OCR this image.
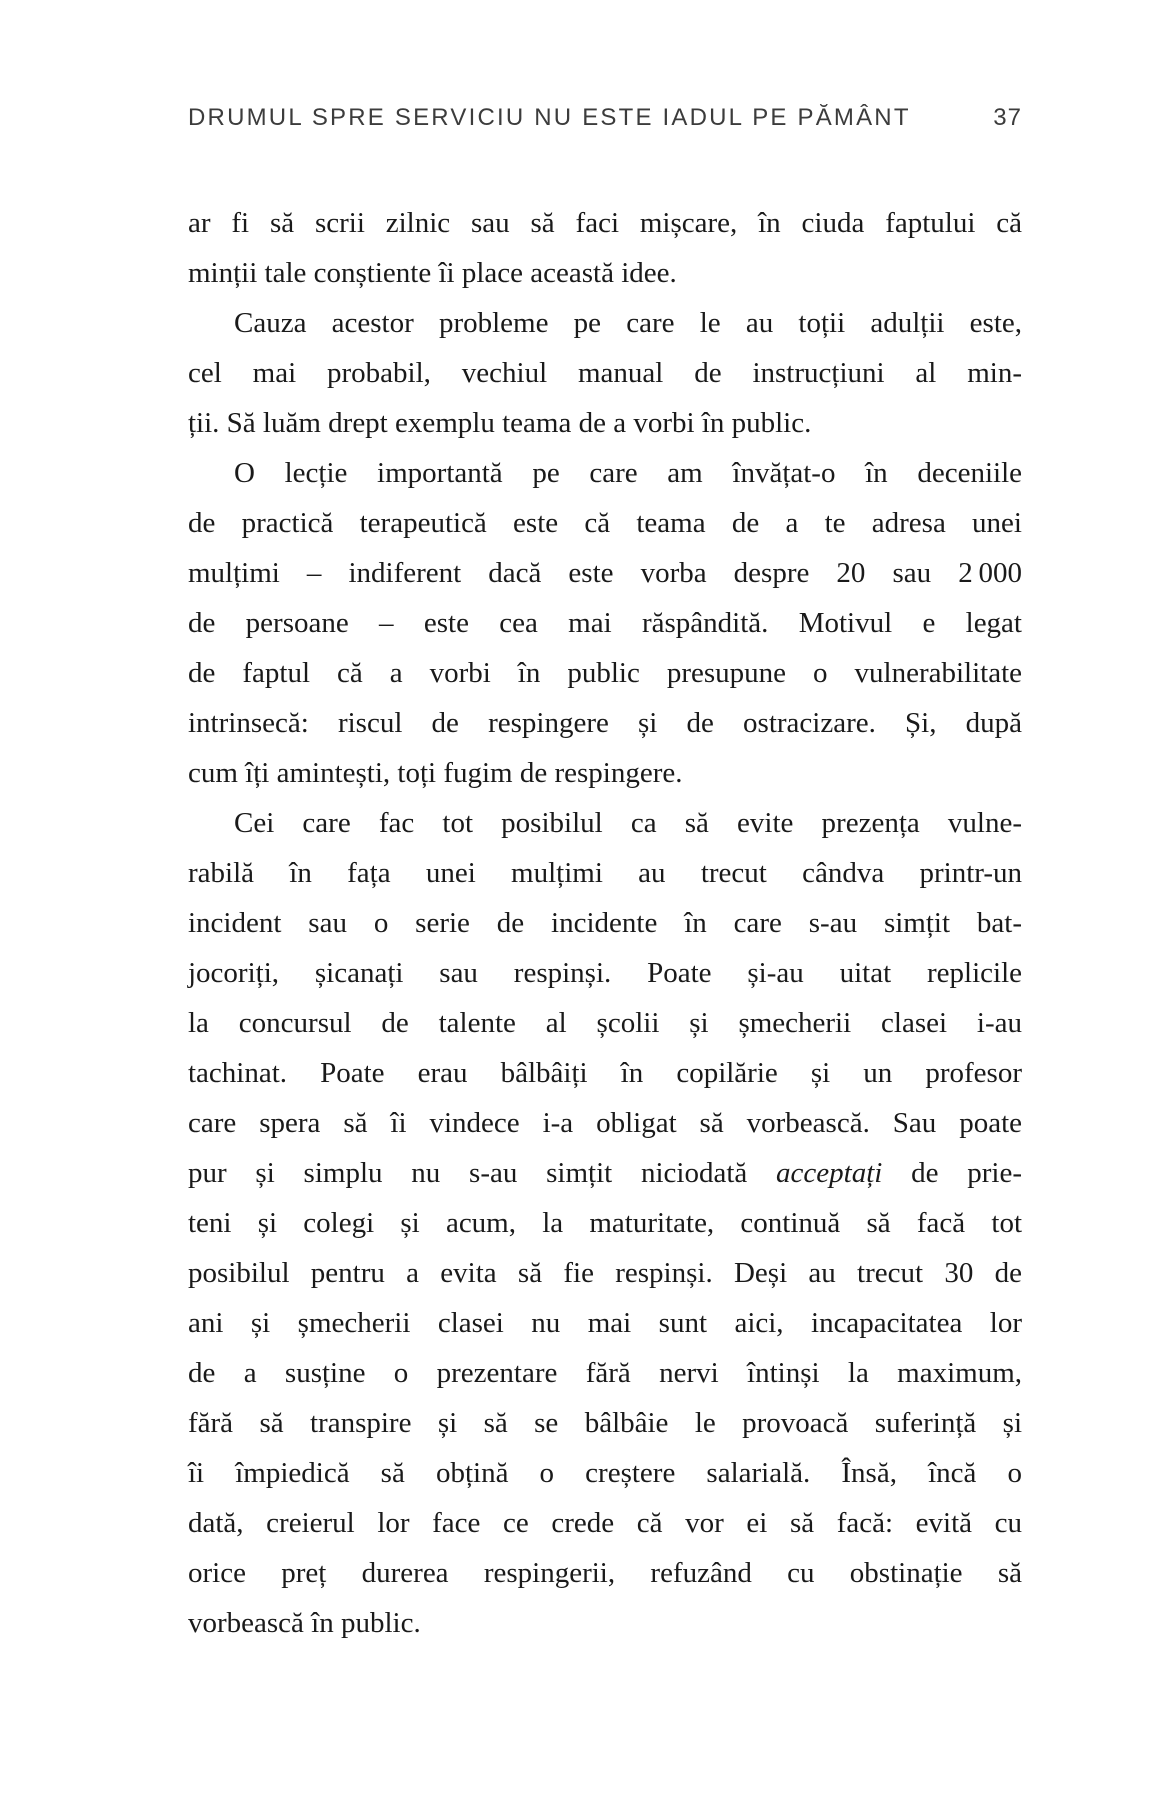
DRUMUL SPRE SERVICIU NU ESTE IADUL PE PĂMÂNT	37
ar fi să scrii zilnic sau să faci mișcare, în ciuda faptului că
minții tale conștiente îi place această idee.
Cauza acestor probleme pe care le au toții adulții este,
cel mai probabil, vechiul manual de instrucțiuni al min-
ții. Să luăm drept exemplu teama de a vorbi în public.
O lecție importantă pe care am învățat-o în deceniile
de practică terapeutică este că teama de a te adresa unei
mulțimi – indiferent dacă este vorba despre 20 sau 2 000
de persoane – este cea mai răspândită. Motivul e legat
de faptul că a vorbi în public presupune o vulnerabilitate
intrinsecă: riscul de respingere și de ostracizare. Și, după
cum îți amintești, toți fugim de respingere.
Cei care fac tot posibilul ca să evite prezența vulne-
rabilă în fața unei mulțimi au trecut cândva printr-un
incident sau o serie de incidente în care s-au simțit bat-
jocoriți, șicanați sau respinși. Poate și-au uitat replicile
la concursul de talente al școlii și șmecherii clasei i-au
tachinat. Poate erau bâlbâiți în copilărie și un profesor
care spera să îi vindece i-a obligat să vorbească. Sau poate
pur și simplu nu s-au simțit niciodată acceptați de prie-
teni și colegi și acum, la maturitate, continuă să facă tot
posibilul pentru a evita să fie respinși. Deși au trecut 30 de
ani și șmecherii clasei nu mai sunt aici, incapacitatea lor
de a susține o prezentare fără nervi întinși la maximum,
fără să transpire și să se bâlbâie le provoacă suferință și
îi împiedică să obțină o creștere salarială. Însă, încă o
dată, creierul lor face ce crede că vor ei să facă: evită cu
orice preț durerea respingerii, refuzând cu obstinație să
vorbească în public.
